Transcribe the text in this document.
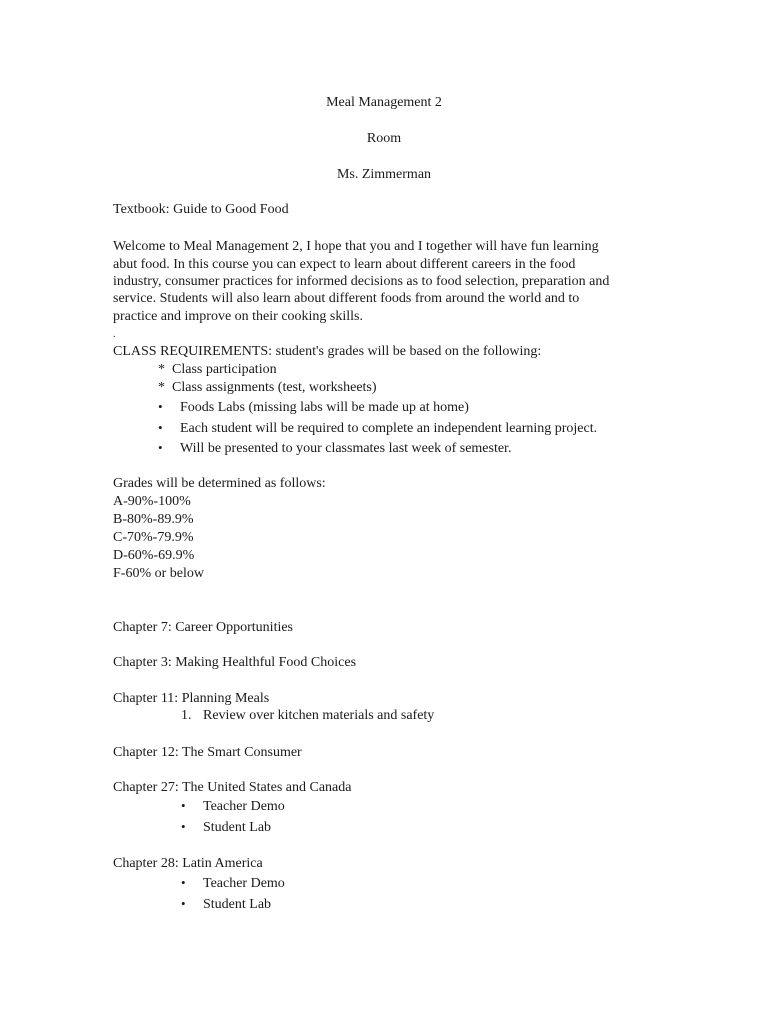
Meal Management 2
Room
Ms. Zimmerman
Textbook: Guide to Good Food
Welcome to Meal Management 2, I hope that you and I together will have fun learning
abut food. In this course you can expect to learn about different careers in the food
industry, consumer practices for informed decisions as to food selection, preparation and
service. Students will also learn about different foods from around the world and to
practice and improve on their cooking skills.
.
CLASS REQUIREMENTS: student's grades will be based on the following:
* Class participation
* Class assignments (test, worksheets)
• Foods Labs (missing labs will be made up at home)
• Each student will be required to complete an independent learning project.
• Will be presented to your classmates last week of semester.
Grades will be determined as follows:
A-90%-100%
B-80%-89.9%
C-70%-79.9%
D-60%-69.9%
F-60% or below
Chapter 7: Career Opportunities
Chapter 3: Making Healthful Food Choices
Chapter 11: Planning Meals
1. Review over kitchen materials and safety
Chapter 12: The Smart Consumer
Chapter 27: The United States and Canada
• Teacher Demo
• Student Lab
Chapter 28: Latin America
• Teacher Demo
• Student Lab
